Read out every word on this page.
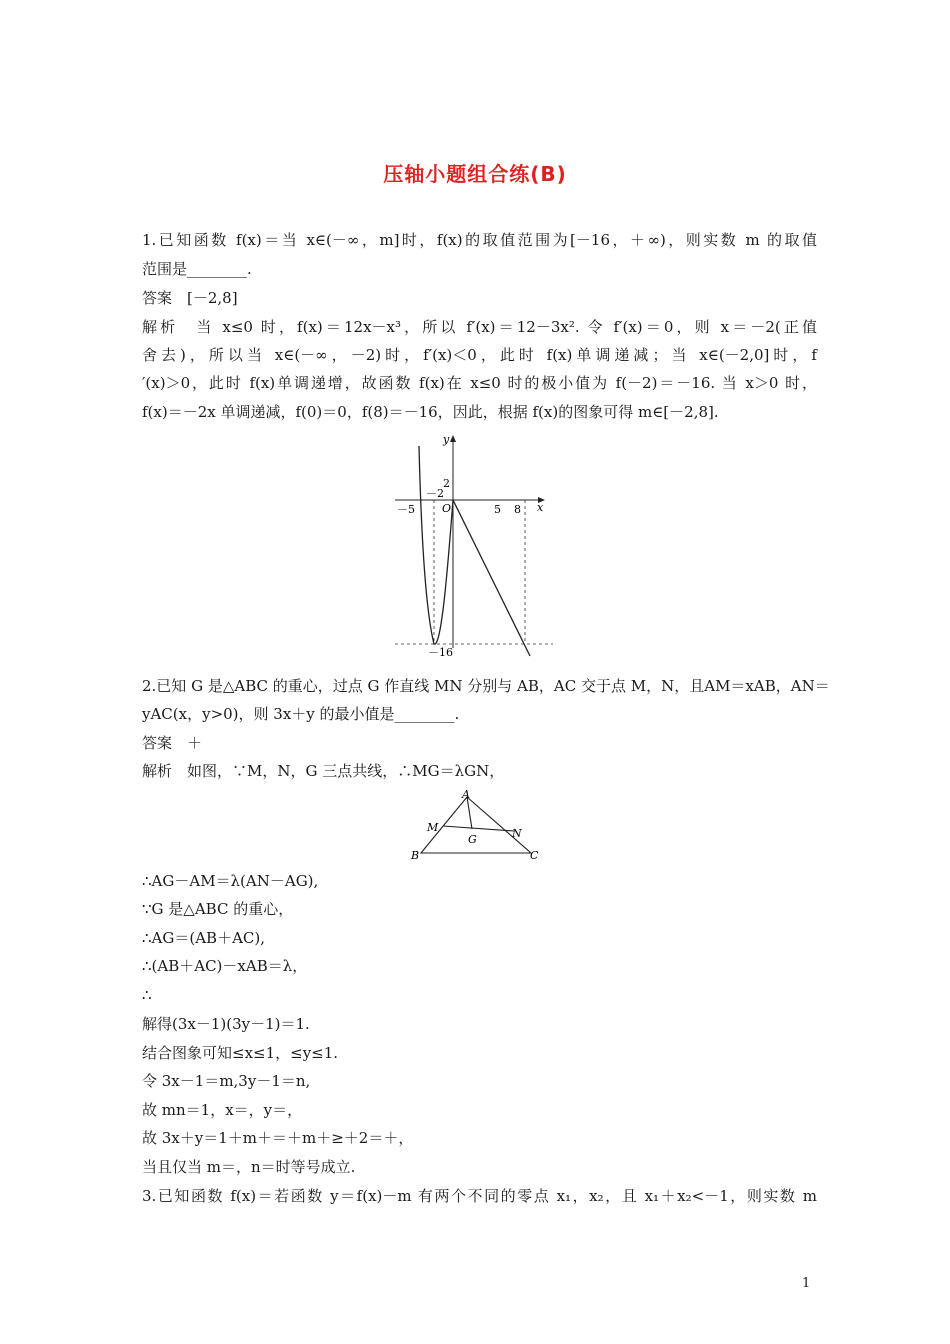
压轴小题组合练(B)
1.已知函数 f(x)＝当 x∈(－∞，m]时，f(x)的取值范围为[－16，＋∞)，则实数 m 的取值
范围是________.
答案　[－2,8]
解析　当 x≤0 时，f(x)＝12x－x³，所以 f′(x)＝12－3x². 令 f′(x)＝0，则 x＝－2(正值
舍去)，所以当 x∈(－∞，－2)时，f′(x)＜0，此时 f(x)单调递减；当 x∈(－2,0]时，f
′(x)＞0，此时 f(x)单调递增，故函数 f(x)在 x≤0 时的极小值为 f(－2)＝－16. 当 x＞0 时，
f(x)＝－2x 单调递减，f(0)＝0，f(8)＝－16，因此，根据 f(x)的图象可得 m∈[－2,8].
－5	5 8
－2
2
－16
O	x
y
2.已知 G 是△ABC 的重心，过点 G 作直线 MN 分别与 AB，AC 交于点 M，N，且AM＝xAB，AN＝
yAC(x，y>0)，则 3x＋y 的最小值是________.
答案　＋
解析　如图，∵M，N，G 三点共线，∴MG＝λGN，
A
B	C
M	N
G
∴AG－AM＝λ(AN－AG),
∵G 是△ABC 的重心，
∴AG＝(AB＋AC),
∴(AB＋AC)－xAB＝λ，
∴
解得(3x－1)(3y－1)＝1.
结合图象可知≤x≤1，≤y≤1.
令 3x－1＝m,3y－1＝n,
故 mn＝1，x＝，y＝，
故 3x＋y＝1＋m＋＝＋m＋≥＋2＝＋，
当且仅当 m＝，n＝时等号成立.
3.已知函数 f(x)＝若函数 y＝f(x)－m 有两个不同的零点 x₁，x₂，且 x₁＋x₂<－1，则实数 m
1
